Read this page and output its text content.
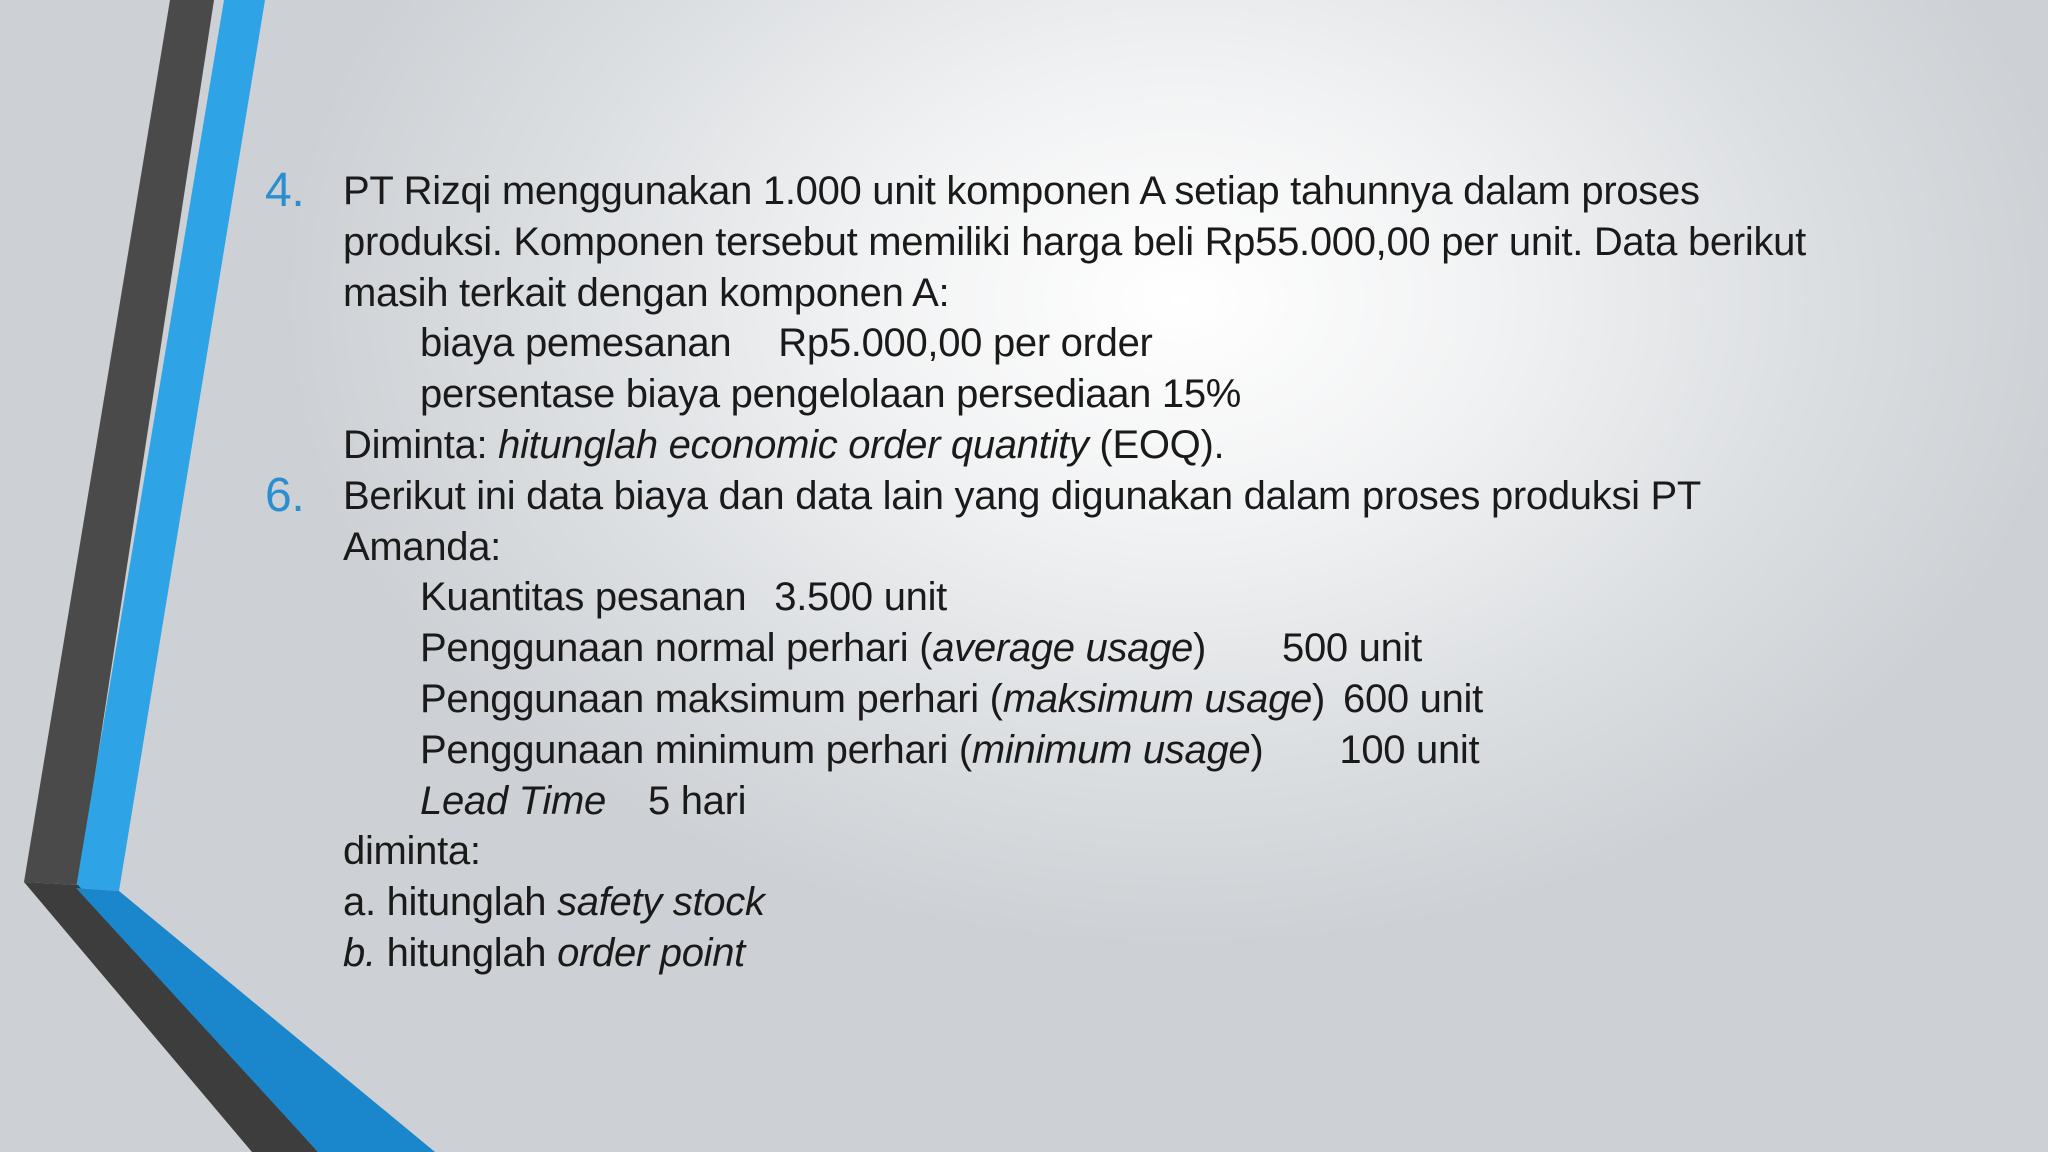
4. PT Rizqi menggunakan 1.000 unit komponen A setiap tahunnya dalam proses
produksi. Komponen tersebut memiliki harga beli Rp55.000,00 per unit. Data berikut
masih terkait dengan komponen A:
biaya pemesanan Rp5.000,00 per order
persentase biaya pengelolaan persediaan 15%
Diminta: hitunglah economic order quantity (EOQ).
6. Berikut ini data biaya dan data lain yang digunakan dalam proses produksi PT
Amanda:
Kuantitas pesanan 3.500 unit
Penggunaan normal perhari (average usage) 500 unit
Penggunaan maksimum perhari (maksimum usage) 600 unit
Penggunaan minimum perhari (minimum usage) 100 unit
Lead Time 5 hari
diminta:
a. hitunglah safety stock
b. hitunglah order point
